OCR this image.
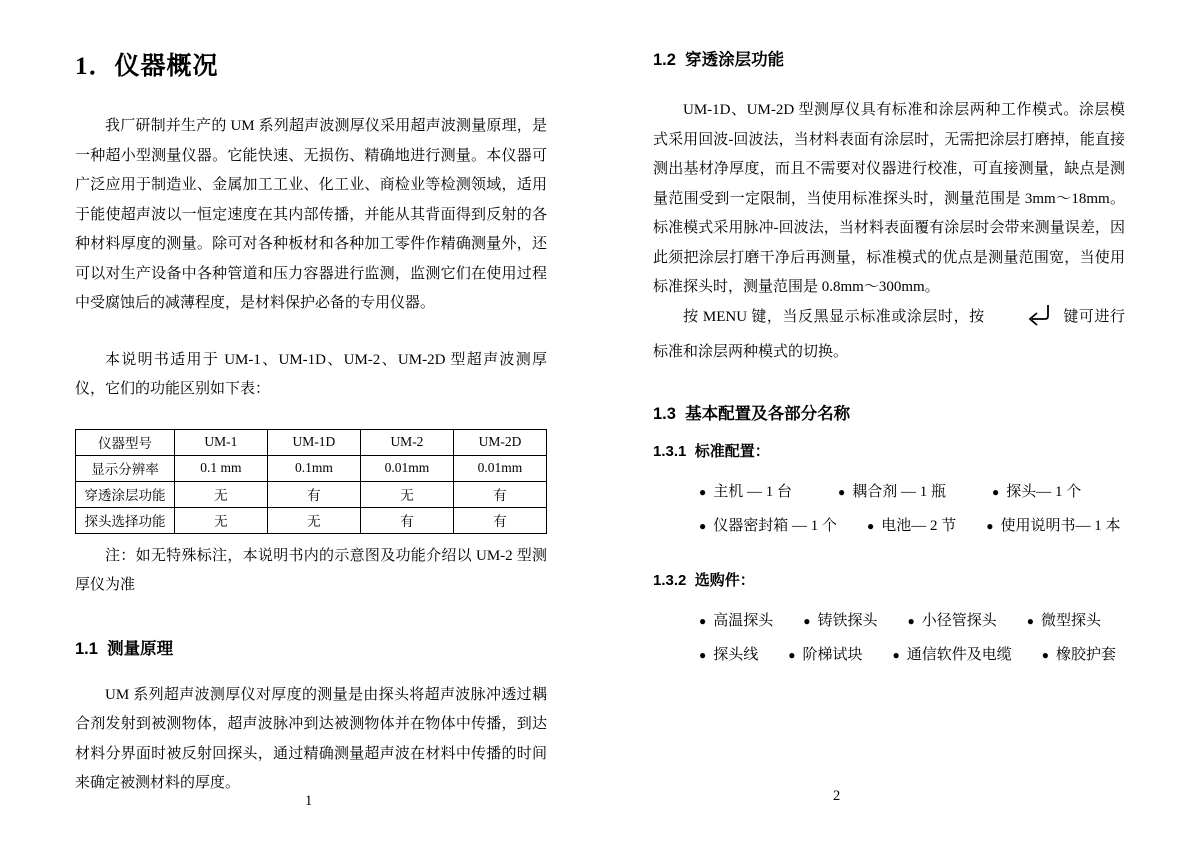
1．仪器概况

我厂研制并生产的 UM 系列超声波测厚仪采用超声波测量原理，是一种超小型测量仪器。它能快速、无损伤、精确地进行测量。本仪器可广泛应用于制造业、金属加工工业、化工业、商检业等检测领域，适用于能使超声波以一恒定速度在其内部传播，并能从其背面得到反射的各种材料厚度的测量。除可对各种板材和各种加工零件作精确测量外，还可以对生产设备中各种管道和压力容器进行监测，监测它们在使用过程中受腐蚀后的减薄程度，是材料保护必备的专用仪器。

本说明书适用于 UM-1、UM-1D、UM-2、UM-2D 型超声波测厚仪，它们的功能区别如下表：

仪器型号	UM-1	UM-1D	UM-2	UM-2D
显示分辨率	0.1 mm	0.1mm	0.01mm	0.01mm
穿透涂层功能	无	有	无	有
探头选择功能	无	无	有	有

注：如无特殊标注，本说明书内的示意图及功能介绍以 UM-2 型测厚仪为准

1.1  测量原理

UM 系列超声波测厚仪对厚度的测量是由探头将超声波脉冲透过耦合剂发射到被测物体，超声波脉冲到达被测物体并在物体中传播，到达材料分界面时被反射回探头，通过精确测量超声波在材料中传播的时间来确定被测材料的厚度。

1.2  穿透涂层功能

UM-1D、UM-2D 型测厚仪具有标准和涂层两种工作模式。涂层模式采用回波-回波法，当材料表面有涂层时，无需把涂层打磨掉，能直接测出基材净厚度，而且不需要对仪器进行校准，可直接测量，缺点是测量范围受到一定限制，当使用标准探头时，测量范围是 3mm～18mm。标准模式采用脉冲-回波法，当材料表面覆有涂层时会带来测量误差，因此须把涂层打磨干净后再测量，标准模式的优点是测量范围宽，当使用标准探头时，测量范围是 0.8mm～300mm。

按 MENU 键，当反黑显示标准或涂层时，按	键可进行标准和涂层两种模式的切换。

1.3  基本配置及各部分名称
1.3.1  标准配置：
● 主机 — 1 台	● 耦合剂 — 1 瓶	● 探头— 1 个
● 仪器密封箱 — 1 个	● 电池— 2 节	● 使用说明书— 1 本
1.3.2  选购件：
● 高温探头	● 铸铁探头	● 小径管探头	● 微型探头
● 探头线	● 阶梯试块	● 通信软件及电缆	● 橡胶护套
1	2
